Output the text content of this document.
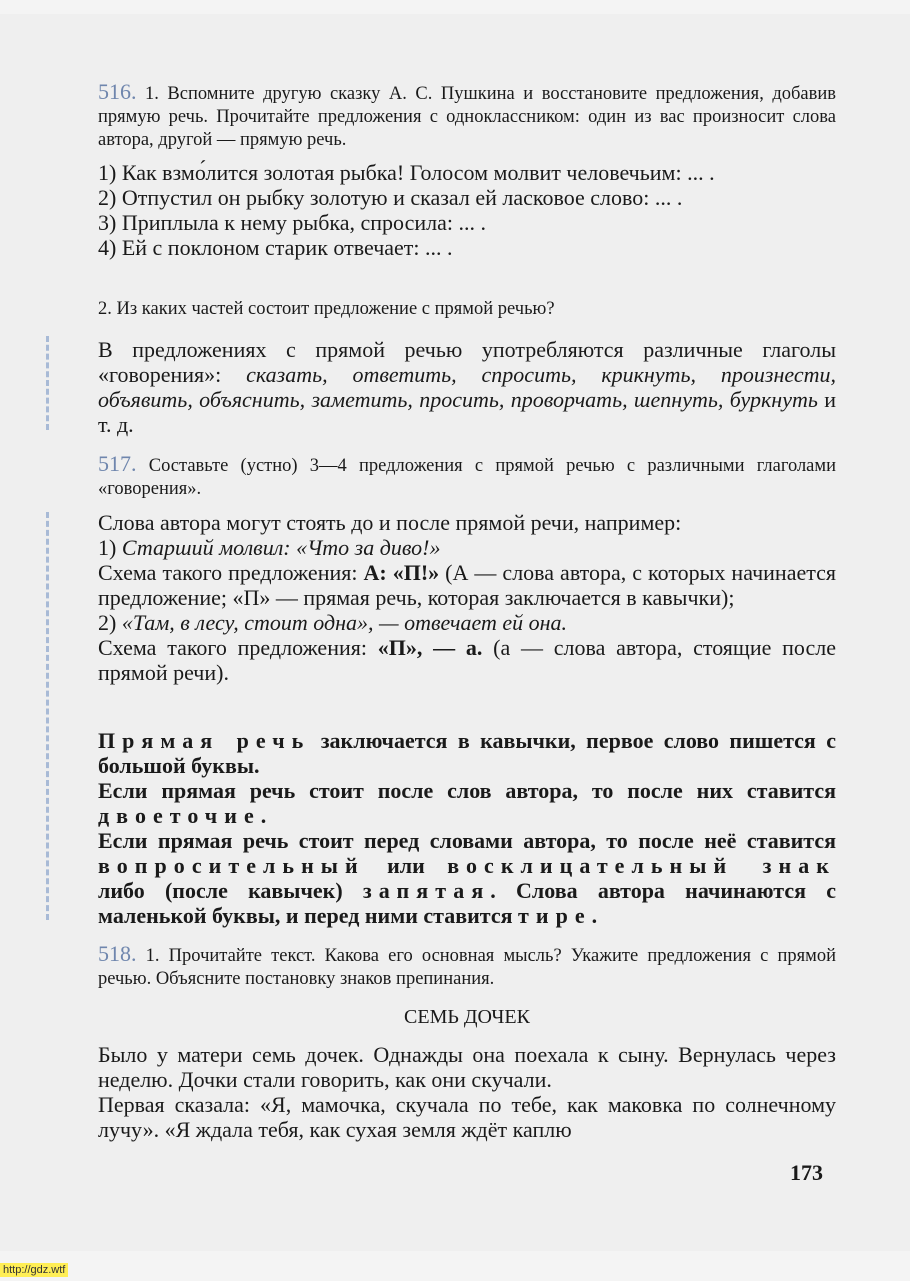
516. 1. Вспомните другую сказку А. С. Пушкина и восстановите предложения, добавив прямую речь. Прочитайте предложения с одноклассником: один из вас произносит слова автора, другой — прямую речь.
1) Как взмо́лится золотая рыбка! Голосом молвит человечьим: ... .
2) Отпустил он рыбку золотую и сказал ей ласковое слово: ... .
3) Приплыла к нему рыбка, спросила: ... .
4) Ей с поклоном старик отвечает: ... .
2. Из каких частей состоит предложение с прямой речью?
В предложениях с прямой речью употребляются различные глаголы «говорения»: сказать, ответить, спросить, крикнуть, произнести, объявить, объяснить, заметить, просить, проворчать, шепнуть, буркнуть и т. д.
517. Составьте (устно) 3—4 предложения с прямой речью с различными глаголами «говорения».
Слова автора могут стоять до и после прямой речи, например:
1) Старший молвил: «Что за диво!»
Схема такого предложения: А: «П!» (А — слова автора, с которых начинается предложение; «П» — прямая речь, которая заключается в кавычки);
2) «Там, в лесу, стоит одна», — отвечает ей она.
Схема такого предложения: «П», — а. (а — слова автора, стоящие после прямой речи).
Прямая речь заключается в кавычки, первое слово пишется с большой буквы.
Если прямая речь стоит после слов автора, то после них ставится двоеточие.
Если прямая речь стоит перед словами автора, то после неё ставится вопросительный или восклицательный знак либо (после кавычек) запятая. Слова автора начинаются с маленькой буквы, и перед ними ставится тире.
518. 1. Прочитайте текст. Какова его основная мысль? Укажите предложения с прямой речью. Объясните постановку знаков препинания.
СЕМЬ ДОЧЕК
Было у матери семь дочек. Однажды она поехала к сыну. Вернулась через неделю. Дочки стали говорить, как они скучали.
Первая сказала: «Я, мамочка, скучала по тебе, как маковка по солнечному лучу». «Я ждала тебя, как сухая земля ждёт каплю
173
http://gdz.wtf
